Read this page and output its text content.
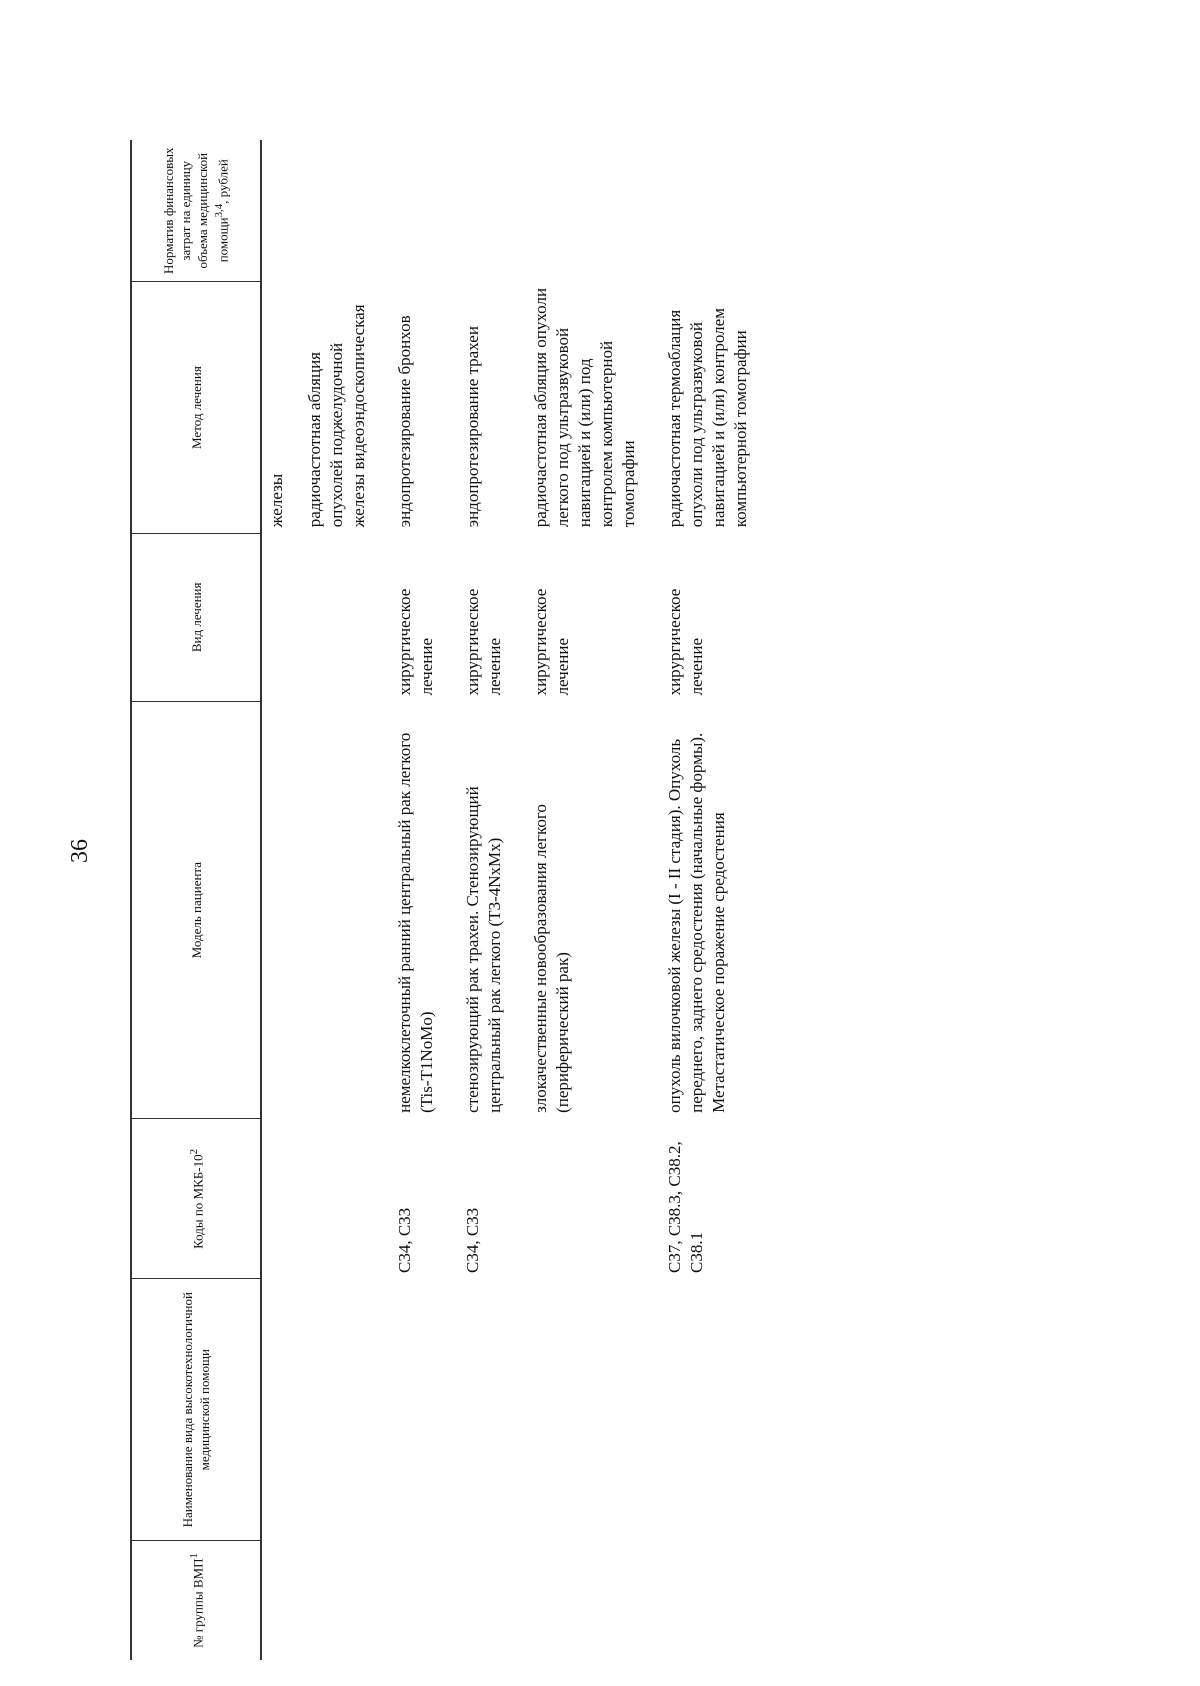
36
№ группы ВМП$^1$	Наименование вида высокотехнологичной медицинской помощи	Коды по МКБ-$10^2$	Модель пациента	Вид лечения	Метод лечения	Норматив финансовых затрат на единицу объема медицинской помощи$^{3,4}$, рублей

					железы радиочастотная абляция опухолей поджелудочной железы видеоэндоскопическая	

		C34, C33	немелкоклеточный ранний центральный рак легкого (Tis-T1NoMo)	хирургическое лечение	эндопротезирование бронхов	
		C34, C33	стенозирующий рак трахеи. Стенозирующий центральный рак легкого (T3-4NxMx)	хирургическое лечение	эндопротезирование трахеи	
			злокачественные новообразования легкого (периферический рак)	хирургическое лечение	радиочастотная абляция опухоли легкого под ультразвуковой навигацией и (или) под контролем компьютерной томографии	
		C37, C38.3, C38.2, C38.1	опухоль вилочковой железы (I - II стадия). Опухоль переднего, заднего средостения (начальные формы). Метастатическое поражение средостения	хирургическое лечение	радиочастотная термоаблация опухоли под ультразвуковой навигацией и (или) контролем компьютерной томографии	
